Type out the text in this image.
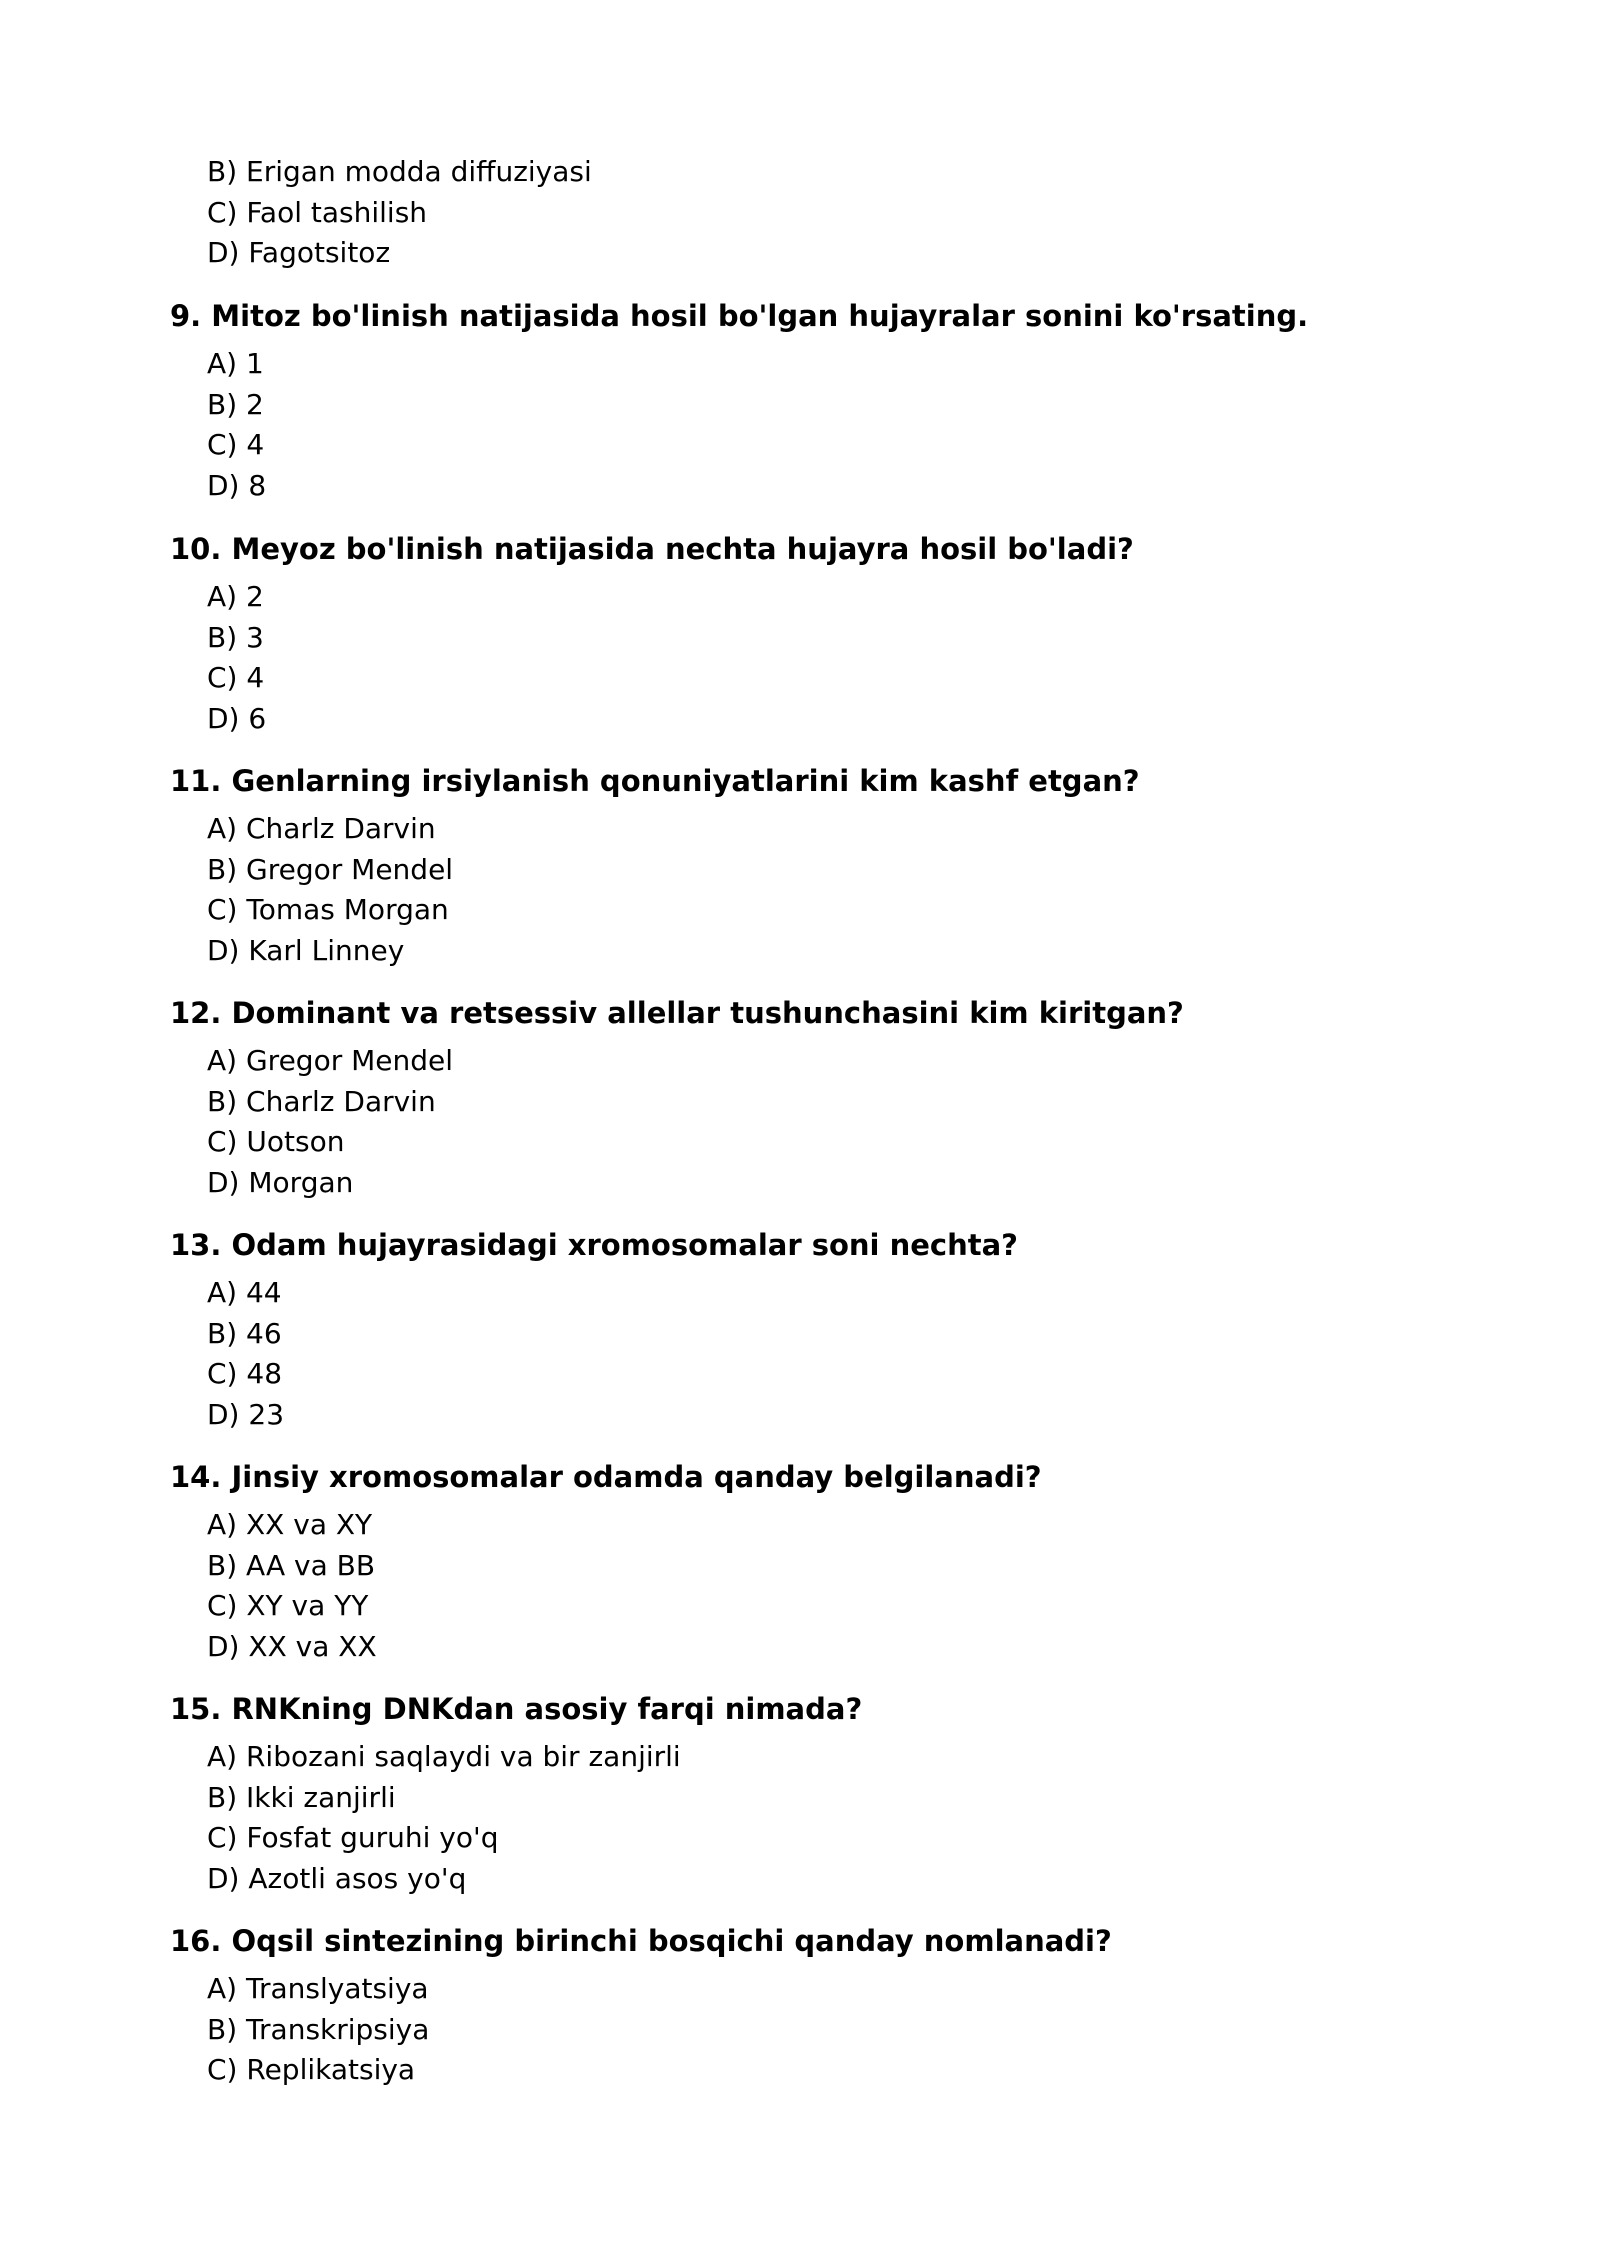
B) Erigan modda diffuziyasi
C) Faol tashilish
D) Fagotsitoz
9. Mitoz bo'linish natijasida hosil bo'lgan hujayralar sonini ko'rsating.
A) 1
B) 2
C) 4
D) 8
10. Meyoz bo'linish natijasida nechta hujayra hosil bo'ladi?
A) 2
B) 3
C) 4
D) 6
11. Genlarning irsiylanish qonuniyatlarini kim kashf etgan?
A) Charlz Darvin
B) Gregor Mendel
C) Tomas Morgan
D) Karl Linney
12. Dominant va retsessiv allellar tushunchasini kim kiritgan?
A) Gregor Mendel
B) Charlz Darvin
C) Uotson
D) Morgan
13. Odam hujayrasidagi xromosomalar soni nechta?
A) 44
B) 46
C) 48
D) 23
14. Jinsiy xromosomalar odamda qanday belgilanadi?
A) XX va XY
B) AA va BB
C) XY va YY
D) XX va XX
15. RNKning DNKdan asosiy farqi nimada?
A) Ribozani saqlaydi va bir zanjirli
B) Ikki zanjirli
C) Fosfat guruhi yo'q
D) Azotli asos yo'q
16. Oqsil sintezining birinchi bosqichi qanday nomlanadi?
A) Translyatsiya
B) Transkripsiya
C) Replikatsiya
